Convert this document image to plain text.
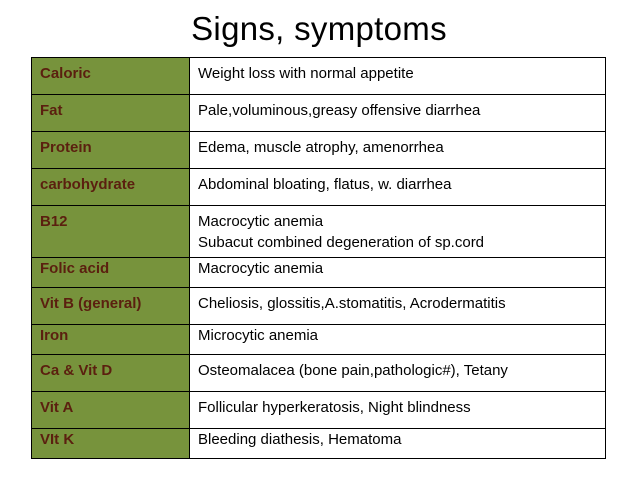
Signs, symptoms
Caloric	Weight loss with normal appetite

Fat	Pale,voluminous,greasy offensive diarrhea

Protein	Edema, muscle atrophy, amenorrhea

carbohydrate	Abdominal bloating, flatus, w. diarrhea

B12	Macrocytic anemia
Subacut combined degeneration of sp.cord

Folic acid	Macrocytic anemia

Vit B (general)	Cheliosis, glossitis,A.stomatitis, Acrodermatitis

Iron	Microcytic anemia

Ca & Vit D	Osteomalacea (bone pain,pathologic#), Tetany

Vit A	Follicular hyperkeratosis, Night blindness

VIt K	Bleeding diathesis, Hematoma
